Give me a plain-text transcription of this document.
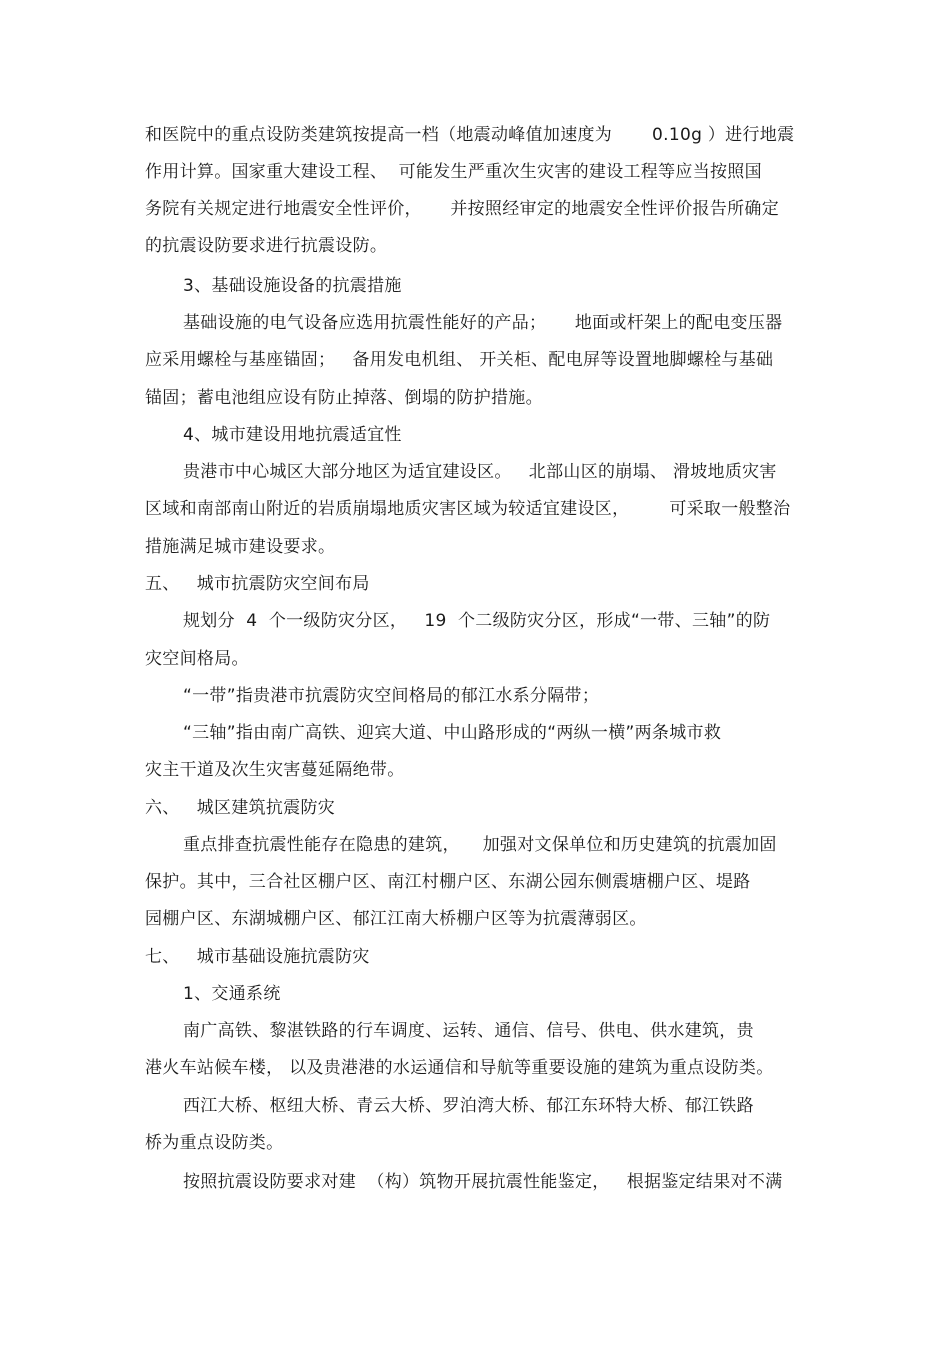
和医院中的重点设防类建筑按提高一档（地震动峰值加速度为       0.10g ）进行地震
作用计算。国家重大建设工程、  可能发生严重次生灾害的建设工程等应当按照国
务院有关规定进行地震安全性评价，     并按照经审定的地震安全性评价报告所确定
的抗震设防要求进行抗震设防。
3、基础设施设备的抗震措施
基础设施的电气设备应选用抗震性能好的产品；     地面或杆架上的配电变压器
应采用螺栓与基座锚固；   备用发电机组、 开关柜、配电屏等设置地脚螺栓与基础
锚固；蓄电池组应设有防止掉落、倒塌的防护措施。
4、城市建设用地抗震适宜性
贵港市中心城区大部分地区为适宜建设区。   北部山区的崩塌、 滑坡地质灾害
区域和南部南山附近的岩质崩塌地质灾害区域为较适宜建设区，       可采取一般整治
措施满足城市建设要求。
五、   城市抗震防灾空间布局
规划分  4  个一级防灾分区，   19  个二级防灾分区，形成“一带、三轴”的防
灾空间格局。
“一带”指贵港市抗震防灾空间格局的郁江水系分隔带；
“三轴”指由南广高铁、迎宾大道、中山路形成的“两纵一横”两条城市救
灾主干道及次生灾害蔓延隔绝带。
六、   城区建筑抗震防灾
重点排查抗震性能存在隐患的建筑，    加强对文保单位和历史建筑的抗震加固
保护。其中，三合社区棚户区、南江村棚户区、东湖公园东侧震塘棚户区、堤路
园棚户区、东湖城棚户区、郁江江南大桥棚户区等为抗震薄弱区。
七、   城市基础设施抗震防灾
1、交通系统
南广高铁、黎湛铁路的行车调度、运转、通信、信号、供电、供水建筑，贵
港火车站候车楼， 以及贵港港的水运通信和导航等重要设施的建筑为重点设防类。
西江大桥、枢纽大桥、青云大桥、罗泊湾大桥、郁江东环特大桥、郁江铁路
桥为重点设防类。
按照抗震设防要求对建  （构）筑物开展抗震性能鉴定，   根据鉴定结果对不满
